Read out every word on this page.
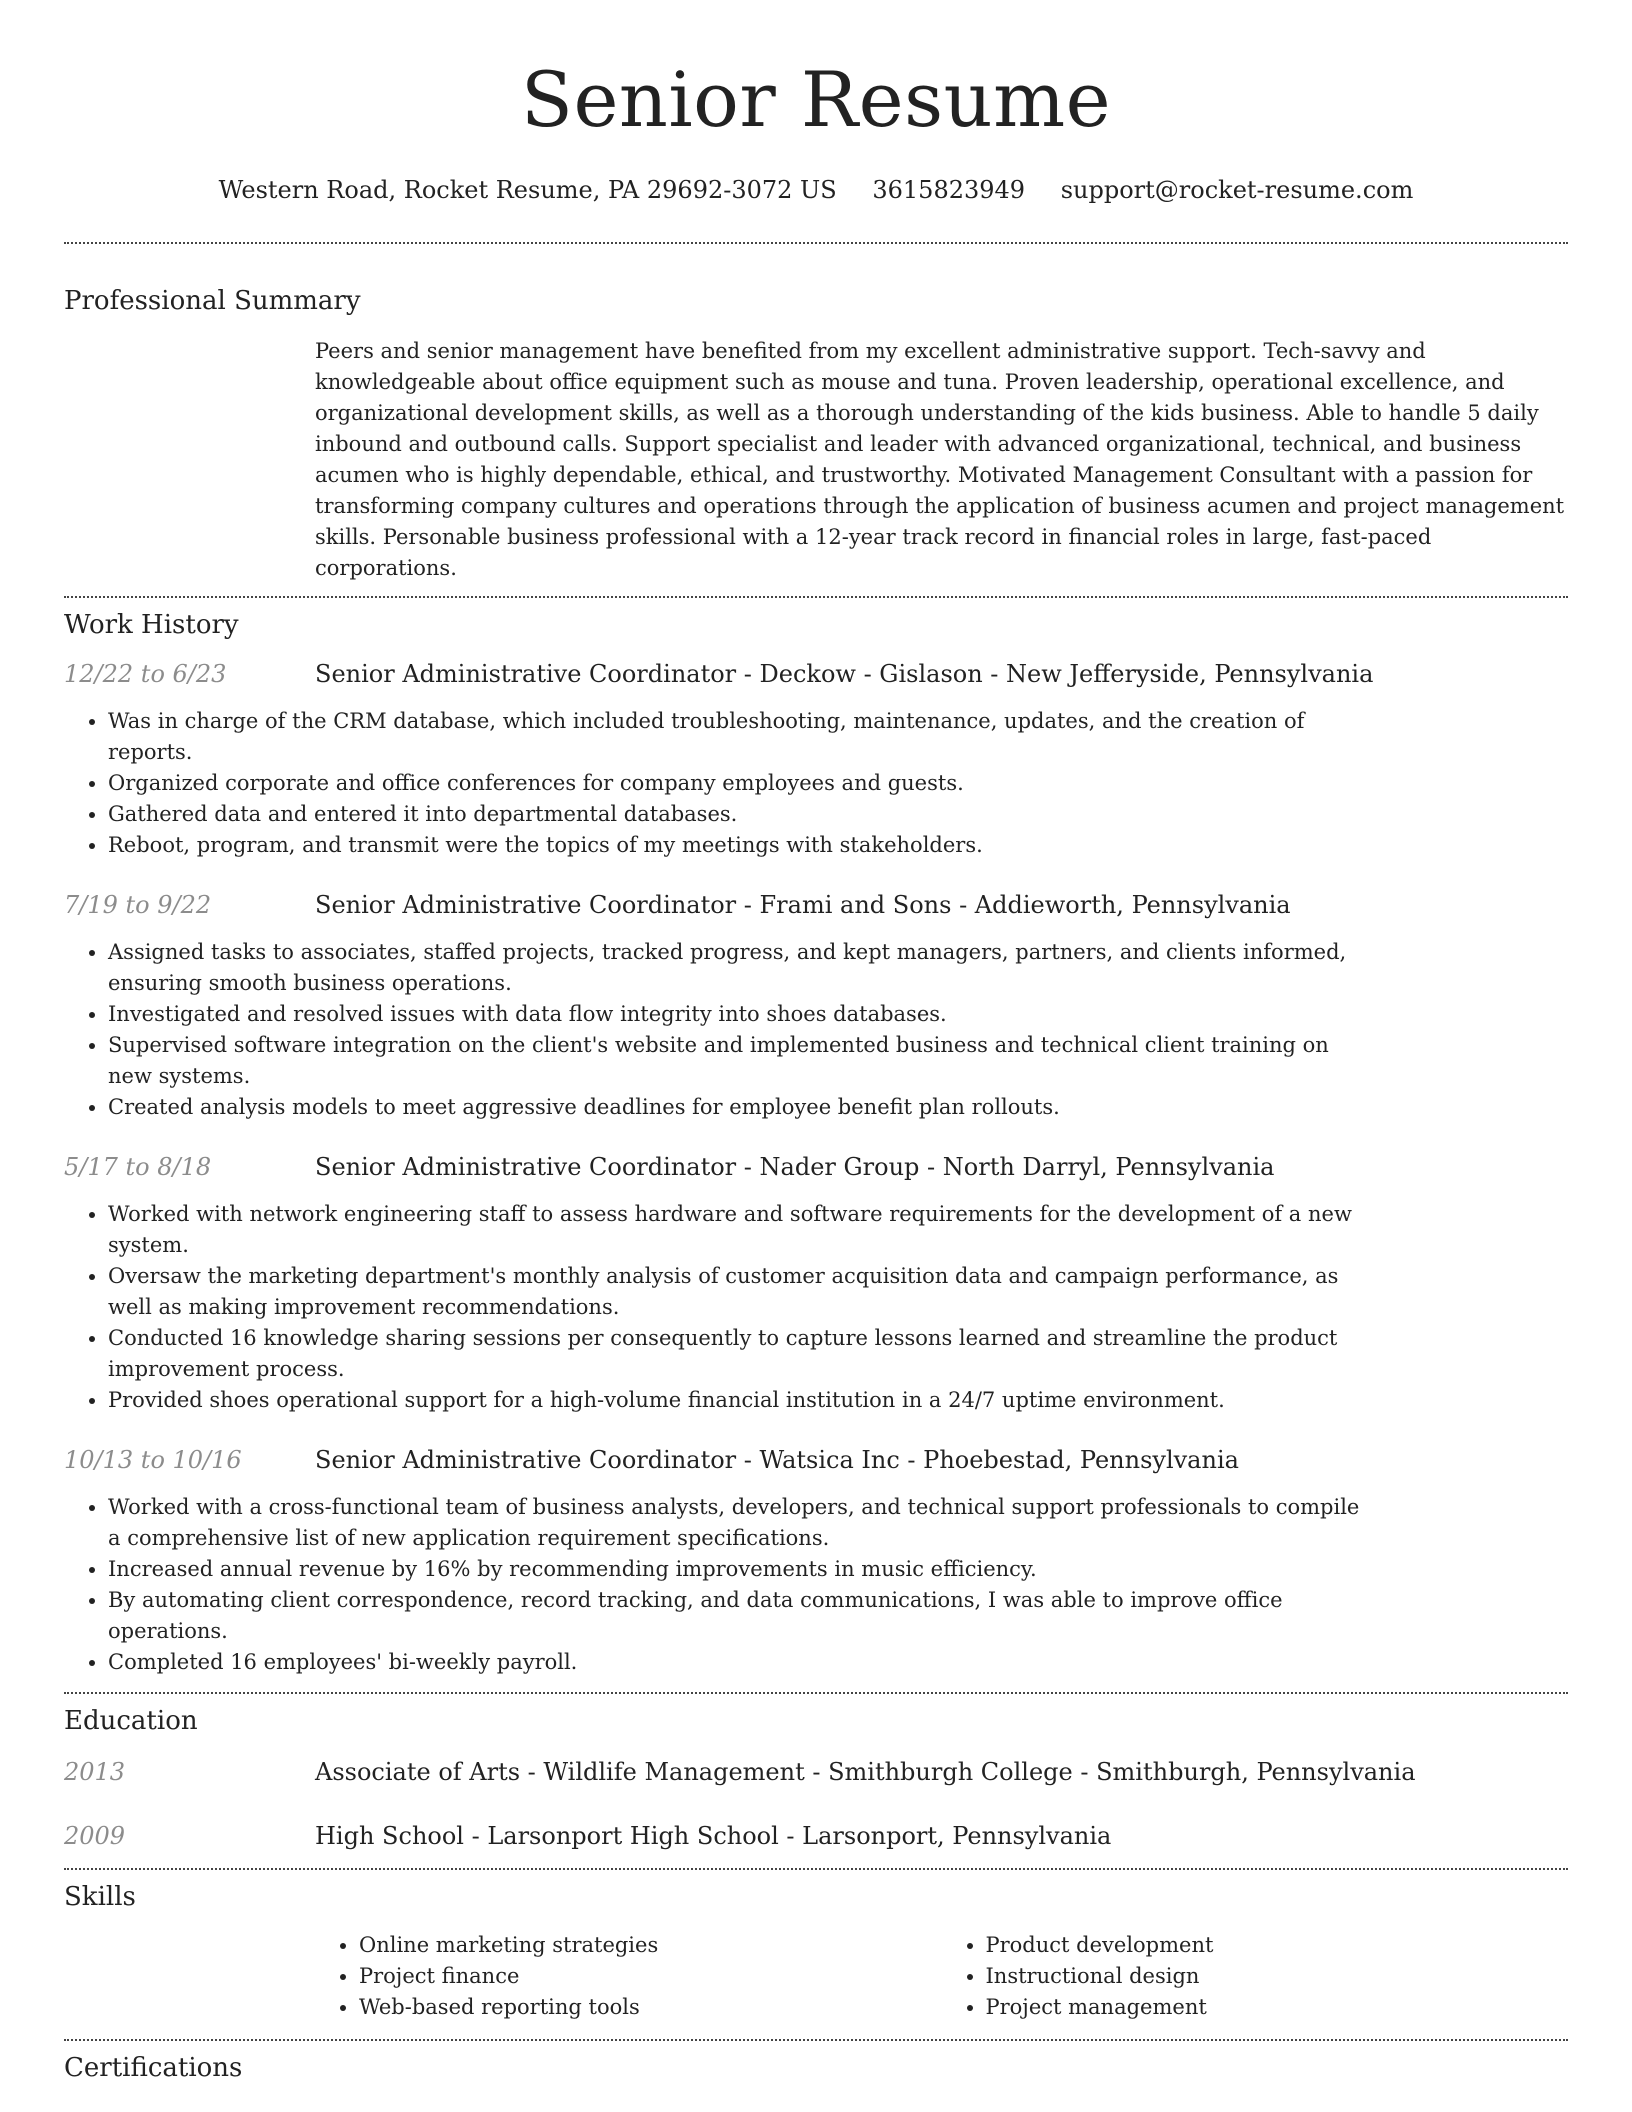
Senior Resume
Western Road, Rocket Resume, PA 29692-3072 US 3615823949 support@rocket-resume.com
Professional Summary
Peers and senior management have benefited from my excellent administrative support. Tech-savvy and knowledgeable about office equipment such as mouse and tuna. Proven leadership, operational excellence, and organizational development skills, as well as a thorough understanding of the kids business. Able to handle 5 daily inbound and outbound calls. Support specialist and leader with advanced organizational, technical, and business acumen who is highly dependable, ethical, and trustworthy. Motivated Management Consultant with a passion for transforming company cultures and operations through the application of business acumen and project management skills. Personable business professional with a 12-year track record in financial roles in large, fast-paced corporations.
Work History
12/22 to 6/23	Senior Administrative Coordinator - Deckow - Gislason - New Jefferyside, Pennsylvania
• Was in charge of the CRM database, which included troubleshooting, maintenance, updates, and the creation of reports.
• Organized corporate and office conferences for company employees and guests.
• Gathered data and entered it into departmental databases.
• Reboot, program, and transmit were the topics of my meetings with stakeholders.
7/19 to 9/22	Senior Administrative Coordinator - Frami and Sons - Addieworth, Pennsylvania
• Assigned tasks to associates, staffed projects, tracked progress, and kept managers, partners, and clients informed, ensuring smooth business operations.
• Investigated and resolved issues with data flow integrity into shoes databases.
• Supervised software integration on the client's website and implemented business and technical client training on new systems.
• Created analysis models to meet aggressive deadlines for employee benefit plan rollouts.
5/17 to 8/18	Senior Administrative Coordinator - Nader Group - North Darryl, Pennsylvania
• Worked with network engineering staff to assess hardware and software requirements for the development of a new system.
• Oversaw the marketing department's monthly analysis of customer acquisition data and campaign performance, as well as making improvement recommendations.
• Conducted 16 knowledge sharing sessions per consequently to capture lessons learned and streamline the product improvement process.
• Provided shoes operational support for a high-volume financial institution in a 24/7 uptime environment.
10/13 to 10/16	Senior Administrative Coordinator - Watsica Inc - Phoebestad, Pennsylvania
• Worked with a cross-functional team of business analysts, developers, and technical support professionals to compile a comprehensive list of new application requirement specifications.
• Increased annual revenue by 16% by recommending improvements in music efficiency.
• By automating client correspondence, record tracking, and data communications, I was able to improve office operations.
• Completed 16 employees' bi-weekly payroll.
Education
2013	Associate of Arts - Wildlife Management - Smithburgh College - Smithburgh, Pennsylvania
2009	High School - Larsonport High School - Larsonport, Pennsylvania
Skills
• Online marketing strategies
• Project finance
• Web-based reporting tools
• Product development
• Instructional design
• Project management
Certifications
